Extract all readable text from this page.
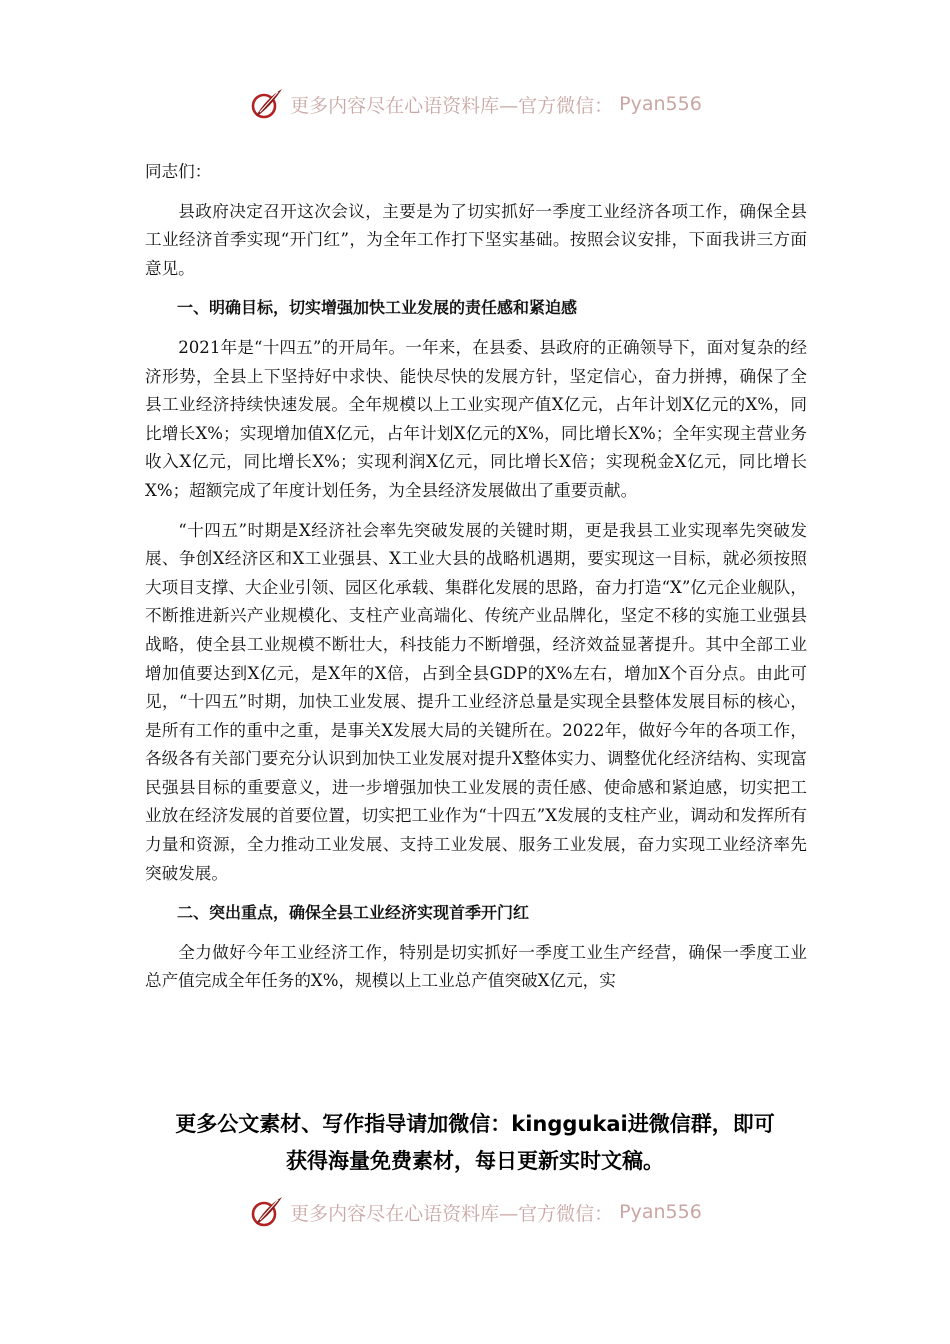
更多内容尽在心语资料库—官方微信： Pyan556

同志们：

县政府决定召开这次会议，主要是为了切实抓好一季度工业经济各项工作，确保全县工业经济首季实现“开门红”，为全年工作打下坚实基础。按照会议安排，下面我讲三方面意见。

一、明确目标，切实增强加快工业发展的责任感和紧迫感

2021年是“十四五”的开局年。一年来，在县委、县政府的正确领导下，面对复杂的经济形势，全县上下坚持好中求快、能快尽快的发展方针，坚定信心，奋力拼搏，确保了全县工业经济持续快速发展。全年规模以上工业实现产值X亿元，占年计划X亿元的X%，同比增长X%；实现增加值X亿元，占年计划X亿元的X%，同比增长X%；全年实现主营业务收入X亿元，同比增长X%；实现利润X亿元，同比增长X倍；实现税金X亿元，同比增长X%；超额完成了年度计划任务，为全县经济发展做出了重要贡献。

“十四五”时期是X经济社会率先突破发展的关键时期，更是我县工业实现率先突破发展、争创X经济区和X工业强县、X工业大县的战略机遇期，要实现这一目标，就必须按照大项目支撑、大企业引领、园区化承载、集群化发展的思路，奋力打造“X”亿元企业舰队，不断推进新兴产业规模化、支柱产业高端化、传统产业品牌化，坚定不移的实施工业强县战略，使全县工业规模不断壮大，科技能力不断增强，经济效益显著提升。其中全部工业增加值要达到X亿元，是X年的X倍，占到全县GDP的X%左右，增加X个百分点。由此可见，“十四五”时期，加快工业发展、提升工业经济总量是实现全县整体发展目标的核心，是所有工作的重中之重，是事关X发展大局的关键所在。2022年，做好今年的各项工作，各级各有关部门要充分认识到加快工业发展对提升X整体实力、调整优化经济结构、实现富民强县目标的重要意义，进一步增强加快工业发展的责任感、使命感和紧迫感，切实把工业放在经济发展的首要位置，切实把工业作为“十四五”X发展的支柱产业，调动和发挥所有力量和资源，全力推动工业发展、支持工业发展、服务工业发展，奋力实现工业经济率先突破发展。

二、突出重点，确保全县工业经济实现首季开门红

全力做好今年工业经济工作，特别是切实抓好一季度工业生产经营，确保一季度工业总产值完成全年任务的X%，规模以上工业总产值突破X亿元，实

更多公文素材、写作指导请加微信：kinggukai进微信群，即可
获得海量免费素材，每日更新实时文稿。
更多内容尽在心语资料库—官方微信： Pyan556
